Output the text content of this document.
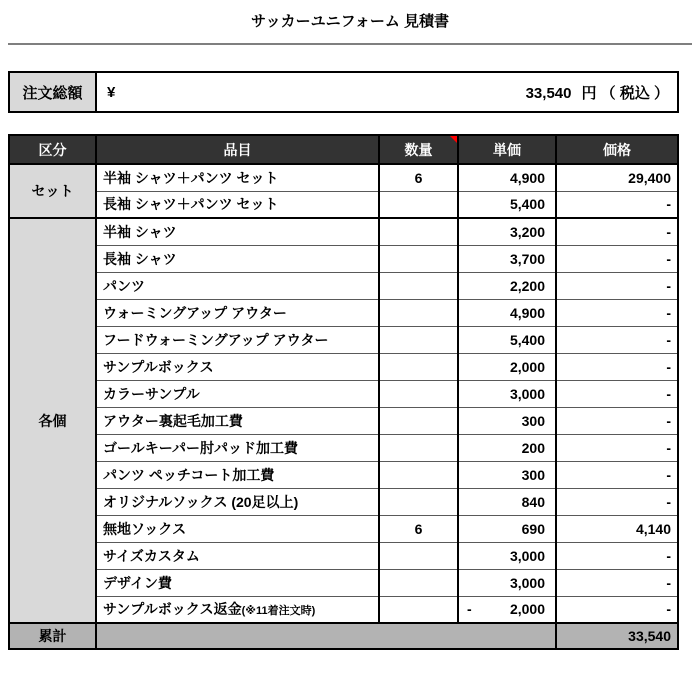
サッカーユニフォーム 見積書
注文総額	¥	33,540 円 （ 税込 ）
区分	品目	数量	単価	価格
セット	半袖 シャツ＋パンツ セット	6	4,900	29,400
	長袖 シャツ＋パンツ セット		5,400	-
各個	半袖 シャツ		3,200	-
	長袖 シャツ		3,700	-
	パンツ		2,200	-
	ウォーミングアップ アウター		4,900	-
	フードウォーミングアップ アウター		5,400	-
	サンプルボックス		2,000	-
	カラーサンプル		3,000	-
	アウター裏起毛加工費		300	-
	ゴールキーパー肘パッド加工費		200	-
	パンツ ペッチコート加工費		300	-
	オリジナルソックス (20足以上)		840	-
	無地ソックス	6	690	4,140
	サイズカスタム		3,000	-
	デザイン費		3,000	-
	サンプルボックス返金(※11着注文時)		- 2,000	-
累計				33,540
